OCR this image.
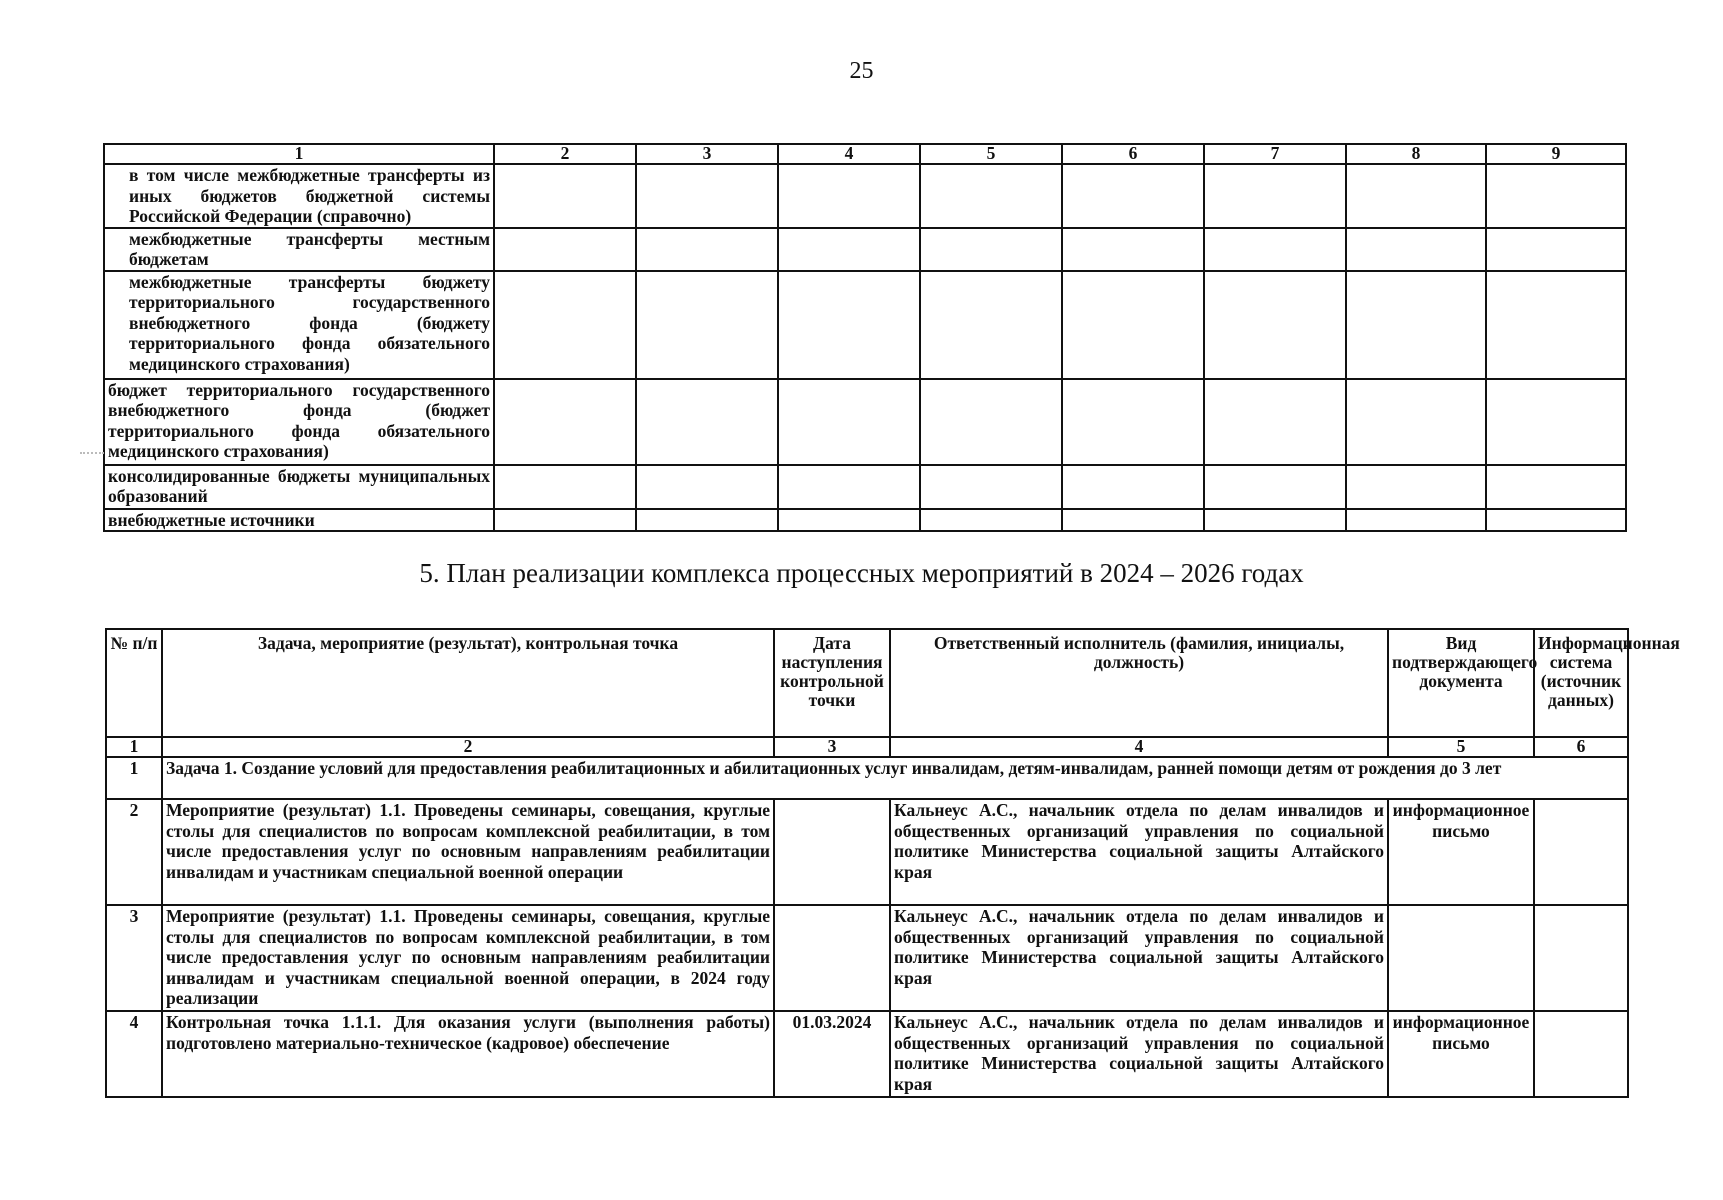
25
1	2	3	4	5	6	7	8	9
в том числе межбюджетные трансферты из иных бюджетов бюджетной системы Российской Федерации (справочно)								
межбюджетные трансферты местным бюджетам								
межбюджетные трансферты бюджету территориального государственного внебюджетного фонда (бюджету территориального фонда обязательного медицинского страхования)								
бюджет территориального государственного внебюджетного фонда (бюджет территориального фонда обязательного медицинского страхования)								
консолидированные бюджеты муниципальных образований								
внебюджетные источники								
5. План реализации комплекса процессных мероприятий в 2024 – 2026 годах
№ п/п	Задача, мероприятие (результат), контрольная точка	Дата наступления контрольной точки	Ответственный исполнитель (фамилия, инициалы, должность)	Вид подтверждающего документа	Информационная система (источник данных)
1	2	3	4	5	6
1	Задача 1. Создание условий для предоставления реабилитационных и абилитационных услуг инвалидам, детям-инвалидам, ранней помощи детям от рождения до 3 лет				
2	Мероприятие (результат) 1.1. Проведены семинары, совещания, круглые столы для специалистов по вопросам комплексной реабилитации, в том числе предоставления услуг по основным направлениям реабилитации инвалидам и участникам специальной военной операции		Кальнеус А.С., начальник отдела по делам инвалидов и общественных организаций управления по социальной политике Министерства социальной защиты Алтайского края	информационное письмо	
3	Мероприятие (результат) 1.1. Проведены семинары, совещания, круглые столы для специалистов по вопросам комплексной реабилитации, в том числе предоставления услуг по основным направлениям реабилитации инвалидам и участникам специальной военной операции, в 2024 году реализации		Кальнеус А.С., начальник отдела по делам инвалидов и общественных организаций управления по социальной политике Министерства социальной защиты Алтайского края		
4	Контрольная точка 1.1.1. Для оказания услуги (выполнения работы) подготовлено материально-техническое (кадровое) обеспечение	01.03.2024	Кальнеус А.С., начальник отдела по делам инвалидов и общественных организаций управления по социальной политике Министерства социальной защиты Алтайского края	информационное письмо	
